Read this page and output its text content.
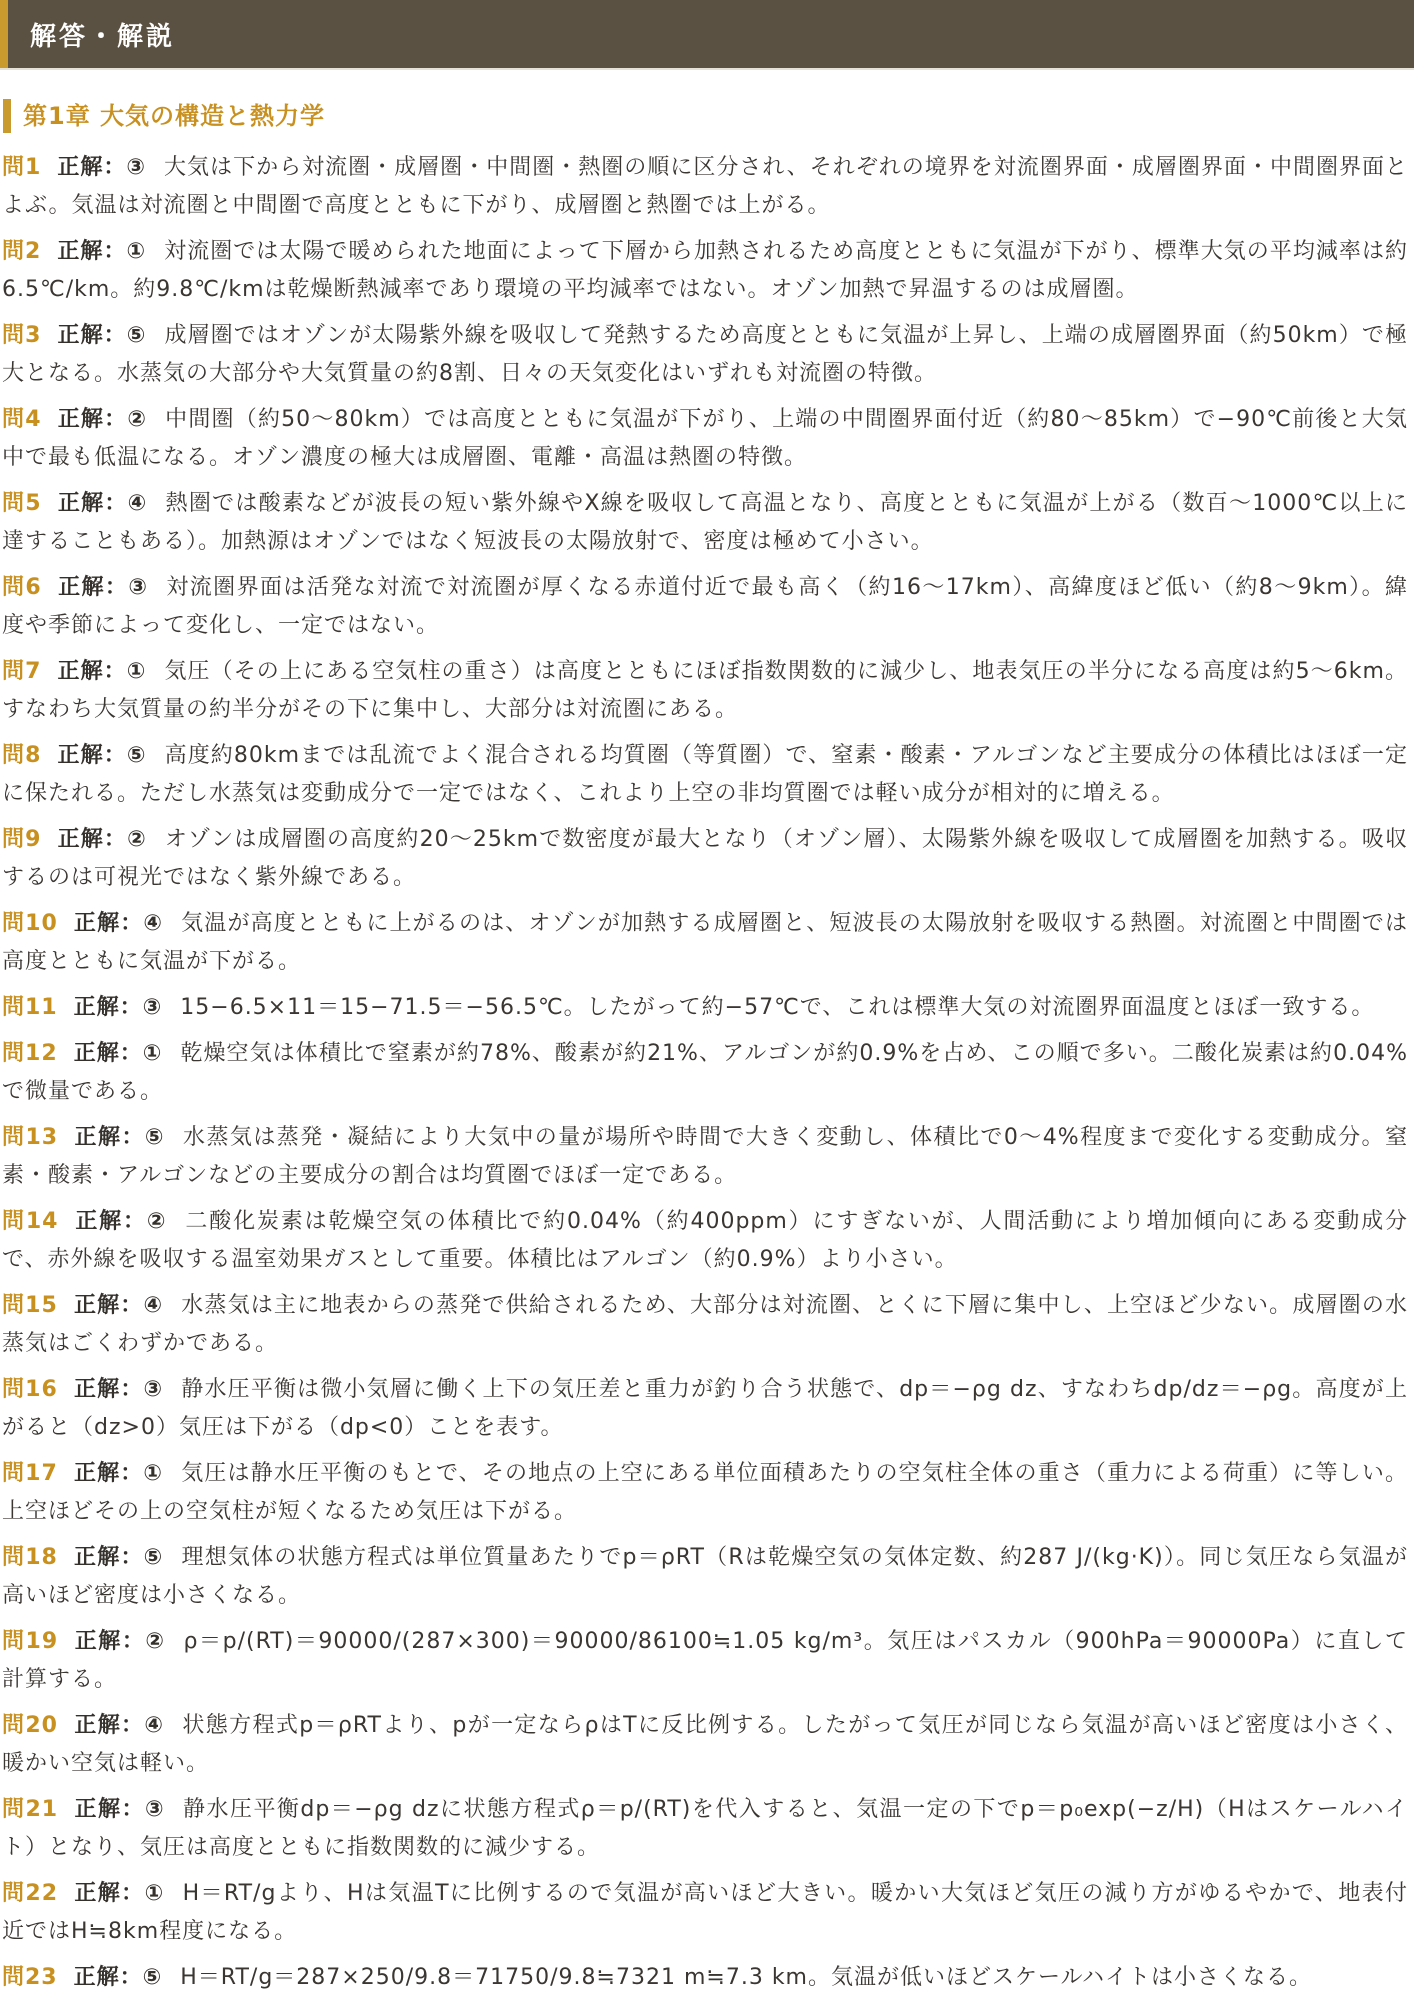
解答・解説
第1章 大気の構造と熱力学

問1 正解：③ 大気は下から対流圏・成層圏・中間圏・熱圏の順に区分され、それぞれの境界を対流圏界面・成層圏界面・中間圏界面とよぶ。気温は対流圏と中間圏で高度とともに下がり、成層圏と熱圏では上がる。

問2 正解：① 対流圏では太陽で暖められた地面によって下層から加熱されるため高度とともに気温が下がり、標準大気の平均減率は約6.5℃/km。約9.8℃/kmは乾燥断熱減率であり環境の平均減率ではない。オゾン加熱で昇温するのは成層圏。

問3 正解：⑤ 成層圏ではオゾンが太陽紫外線を吸収して発熱するため高度とともに気温が上昇し、上端の成層圏界面（約50km）で極大となる。水蒸気の大部分や大気質量の約8割、日々の天気変化はいずれも対流圏の特徴。

問4 正解：② 中間圏（約50〜80km）では高度とともに気温が下がり、上端の中間圏界面付近（約80〜85km）で−90℃前後と大気中で最も低温になる。オゾン濃度の極大は成層圏、電離・高温は熱圏の特徴。

問5 正解：④ 熱圏では酸素などが波長の短い紫外線やX線を吸収して高温となり、高度とともに気温が上がる（数百〜1000℃以上に達することもある）。加熱源はオゾンではなく短波長の太陽放射で、密度は極めて小さい。

問6 正解：③ 対流圏界面は活発な対流で対流圏が厚くなる赤道付近で最も高く（約16〜17km）、高緯度ほど低い（約8〜9km）。緯度や季節によって変化し、一定ではない。

問7 正解：① 気圧（その上にある空気柱の重さ）は高度とともにほぼ指数関数的に減少し、地表気圧の半分になる高度は約5〜6km。すなわち大気質量の約半分がその下に集中し、大部分は対流圏にある。

問8 正解：⑤ 高度約80kmまでは乱流でよく混合される均質圏（等質圏）で、窒素・酸素・アルゴンなど主要成分の体積比はほぼ一定に保たれる。ただし水蒸気は変動成分で一定ではなく、これより上空の非均質圏では軽い成分が相対的に増える。

問9 正解：② オゾンは成層圏の高度約20〜25kmで数密度が最大となり（オゾン層）、太陽紫外線を吸収して成層圏を加熱する。吸収するのは可視光ではなく紫外線である。

問10 正解：④ 気温が高度とともに上がるのは、オゾンが加熱する成層圏と、短波長の太陽放射を吸収する熱圏。対流圏と中間圏では高度とともに気温が下がる。

問11 正解：③ 15−6.5×11＝15−71.5＝−56.5℃。したがって約−57℃で、これは標準大気の対流圏界面温度とほぼ一致する。

問12 正解：① 乾燥空気は体積比で窒素が約78%、酸素が約21%、アルゴンが約0.9%を占め、この順で多い。二酸化炭素は約0.04%で微量である。

問13 正解：⑤ 水蒸気は蒸発・凝結により大気中の量が場所や時間で大きく変動し、体積比で0〜4%程度まで変化する変動成分。窒素・酸素・アルゴンなどの主要成分の割合は均質圏でほぼ一定である。

問14 正解：② 二酸化炭素は乾燥空気の体積比で約0.04%（約400ppm）にすぎないが、人間活動により増加傾向にある変動成分で、赤外線を吸収する温室効果ガスとして重要。体積比はアルゴン（約0.9%）より小さい。

問15 正解：④ 水蒸気は主に地表からの蒸発で供給されるため、大部分は対流圏、とくに下層に集中し、上空ほど少ない。成層圏の水蒸気はごくわずかである。

問16 正解：③ 静水圧平衡は微小気層に働く上下の気圧差と重力が釣り合う状態で、dp＝−ρg dz、すなわちdp/dz＝−ρg。高度が上がると（dz>0）気圧は下がる（dp<0）ことを表す。

問17 正解：① 気圧は静水圧平衡のもとで、その地点の上空にある単位面積あたりの空気柱全体の重さ（重力による荷重）に等しい。上空ほどその上の空気柱が短くなるため気圧は下がる。

問18 正解：⑤ 理想気体の状態方程式は単位質量あたりでp＝ρRT（Rは乾燥空気の気体定数、約287 J/(kg·K)）。同じ気圧なら気温が高いほど密度は小さくなる。

問19 正解：② ρ＝p/(RT)＝90000/(287×300)＝90000/86100≒1.05 kg/m³。気圧はパスカル（900hPa＝90000Pa）に直して計算する。

問20 正解：④ 状態方程式p＝ρRTより、pが一定ならρはTに反比例する。したがって気圧が同じなら気温が高いほど密度は小さく、暖かい空気は軽い。

問21 正解：③ 静水圧平衡dp＝−ρg dzに状態方程式ρ＝p/(RT)を代入すると、気温一定の下でp＝p₀exp(−z/H)（Hはスケールハイト）となり、気圧は高度とともに指数関数的に減少する。

問22 正解：① H＝RT/gより、Hは気温Tに比例するので気温が高いほど大きい。暖かい大気ほど気圧の減り方がゆるやかで、地表付近ではH≒8km程度になる。

問23 正解：⑤ H＝RT/g＝287×250/9.8＝71750/9.8≒7321 m≒7.3 km。気温が低いほどスケールハイトは小さくなる。
